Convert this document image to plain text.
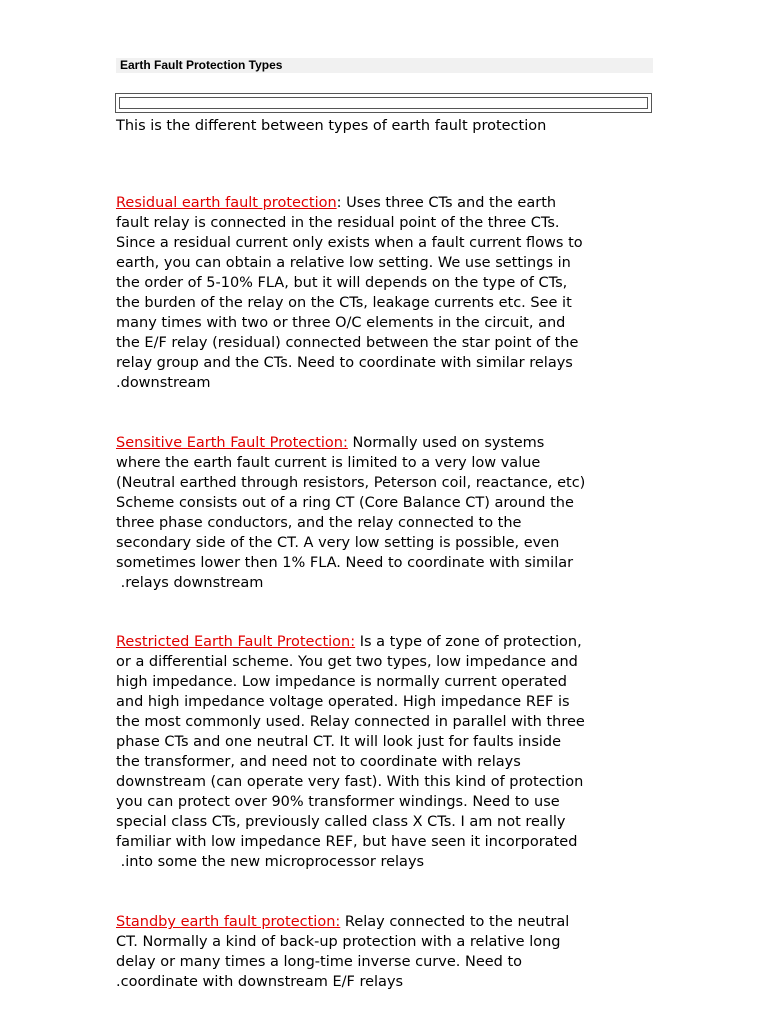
Earth Fault Protection Types
This is the different between types of earth fault protection
Residual earth fault protection: Uses three CTs and the earth
fault relay is connected in the residual point of the three CTs.
Since a residual current only exists when a fault current flows to
earth, you can obtain a relative low setting. We use settings in
the order of 5-10% FLA, but it will depends on the type of CTs,
the burden of the relay on the CTs, leakage currents etc. See it
many times with two or three O/C elements in the circuit, and
the E/F relay (residual) connected between the star point of the
relay group and the CTs. Need to coordinate with similar relays
.downstream
Sensitive Earth Fault Protection: Normally used on systems
where the earth fault current is limited to a very low value
(Neutral earthed through resistors, Peterson coil, reactance, etc)
Scheme consists out of a ring CT (Core Balance CT) around the
three phase conductors, and the relay connected to the
secondary side of the CT. A very low setting is possible, even
sometimes lower then 1% FLA. Need to coordinate with similar
.relays downstream
Restricted Earth Fault Protection: Is a type of zone of protection,
or a differential scheme. You get two types, low impedance and
high impedance. Low impedance is normally current operated
and high impedance voltage operated. High impedance REF is
the most commonly used. Relay connected in parallel with three
phase CTs and one neutral CT. It will look just for faults inside
the transformer, and need not to coordinate with relays
downstream (can operate very fast). With this kind of protection
you can protect over 90% transformer windings. Need to use
special class CTs, previously called class X CTs. I am not really
familiar with low impedance REF, but have seen it incorporated
.into some the new microprocessor relays
Standby earth fault protection: Relay connected to the neutral
CT. Normally a kind of back-up protection with a relative long
delay or many times a long-time inverse curve. Need to
.coordinate with downstream E/F relays
